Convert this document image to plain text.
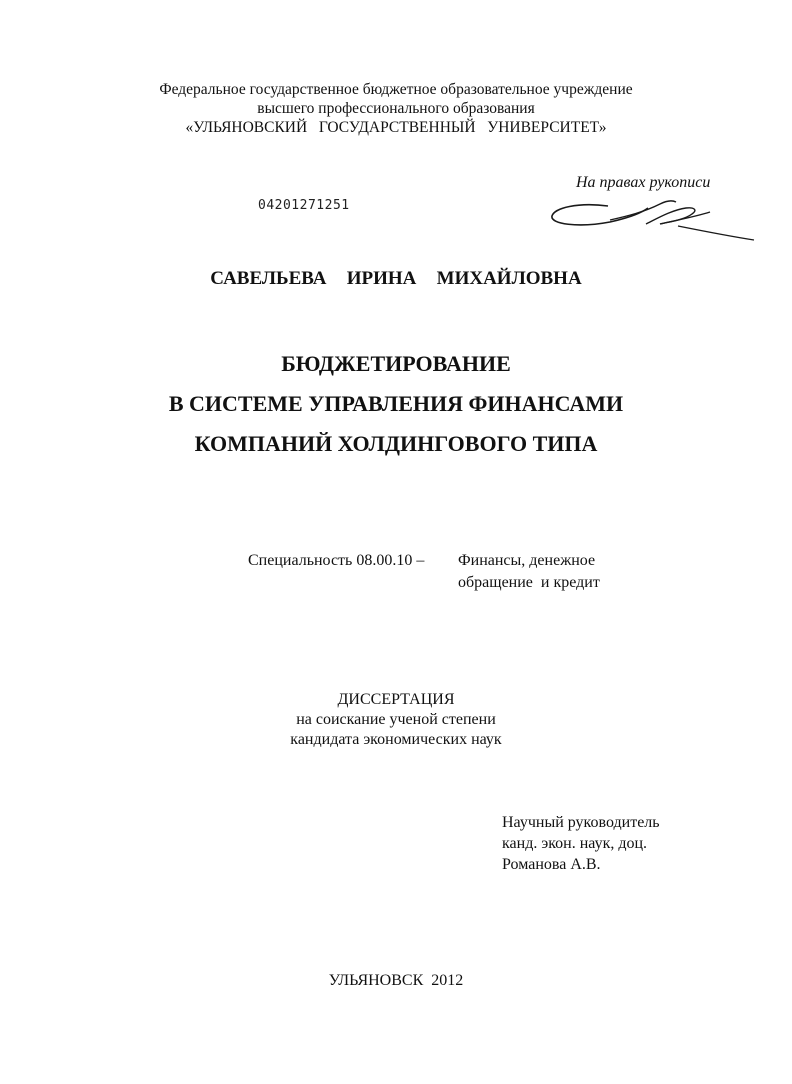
Федеральное государственное бюджетное образовательное учреждение
высшего профессионального образования
«УЛЬЯНОВСКИЙ   ГОСУДАРСТВЕННЫЙ   УНИВЕРСИТЕТ»
На правах рукописи
04201271251
САВЕЛЬЕВА   ИРИНА   МИХАЙЛОВНА
БЮДЖЕТИРОВАНИЕ
В СИСТЕМЕ УПРАВЛЕНИЯ ФИНАНСАМИ
КОМПАНИЙ ХОЛДИНГОВОГО ТИПА
Специальность 08.00.10 – Финансы, денежное
обращение  и кредит
ДИССЕРТАЦИЯ
на соискание ученой степени
кандидата экономических наук
Научный руководитель
канд. экон. наук, доц.
Романова А.В.
УЛЬЯНОВСК  2012
